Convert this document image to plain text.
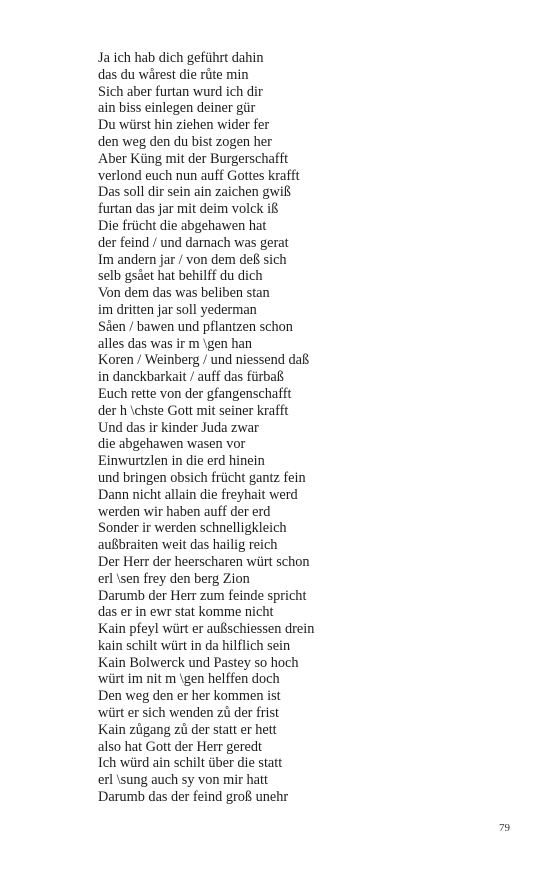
Ja ich hab dich geführt dahin
das du wårest die růte min
Sich aber furtan wurd ich dir
ain biss einlegen deiner gür
Du würst hin ziehen wider fer
den weg den du bist zogen her
Aber Küng mit der Burgerschafft
verlond euch nun auff Gottes krafft
Das soll dir sein ain zaichen gwiß
furtan das jar mit deim volck iß
Die frücht die abgehawen hat
der feind / und darnach was gerat
Im andern jar / von dem deß sich
selb gsået hat behilff du dich
Von dem das was beliben stan
im dritten jar soll yederman
Såen / bawen und pflantzen schon
alles das was ir m \gen han
Koren / Weinberg / und niessend daß
in danckbarkait / auff das fürbaß
Euch rette von der gfangenschafft
der h \chste Gott mit seiner krafft
Und das ir kinder Juda zwar
die abgehawen wasen vor
Einwurtzlen in die erd hinein
und bringen obsich frücht gantz fein
Dann nicht allain die freyhait werd
werden wir haben auff der erd
Sonder ir werden schnelligkleich
außbraiten weit das hailig reich
Der Herr der heerscharen würt schon
erl \sen frey den berg Zion
Darumb der Herr zum feinde spricht
das er in ewr stat komme nicht
Kain pfeyl würt er außschiessen drein
kain schilt würt in da hilflich sein
Kain Bolwerck und Pastey so hoch
würt im nit m \gen helffen doch
Den weg den er her kommen ist
würt er sich wenden zů der frist
Kain zůgang zů der statt er hett
also hat Gott der Herr geredt
Ich würd ain schilt über die statt
erl \sung auch sy von mir hatt
Darumb das der feind groß unehr
79
